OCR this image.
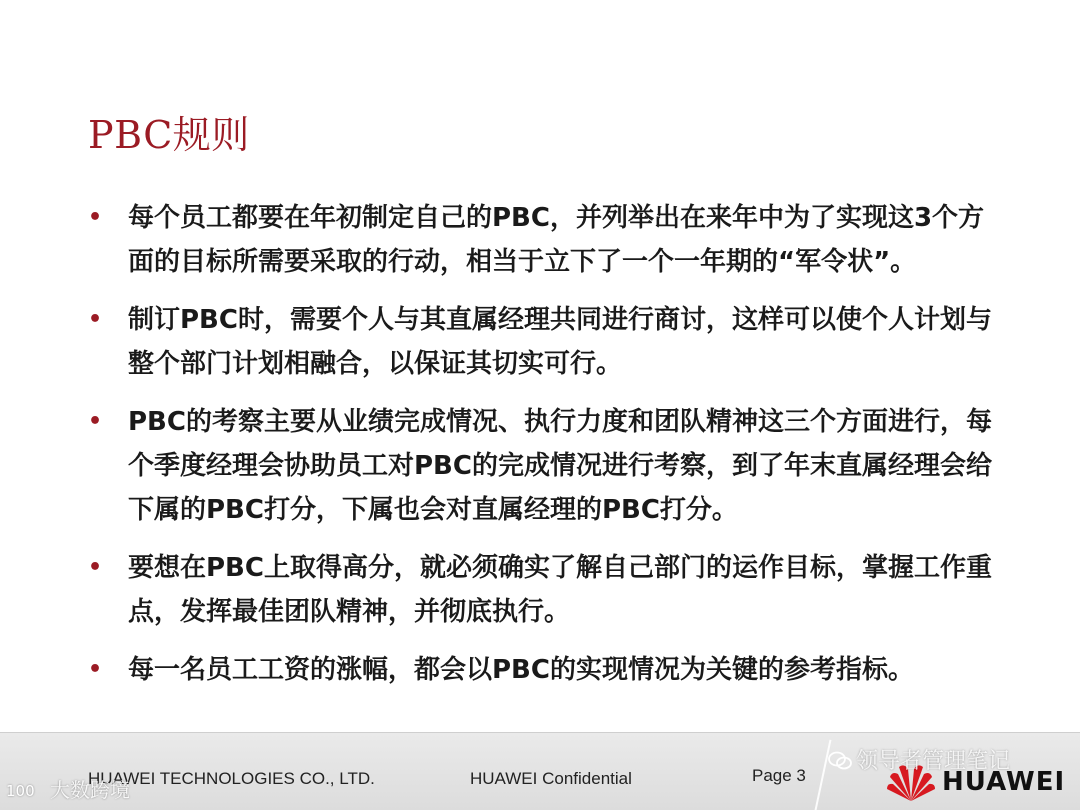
PBC规则
• 每个员工都要在年初制定自己的PBC，并列举出在来年中为了实现这3个方面的目标所需要采取的行动，相当于立下了一个一年期的“军令状”。
• 制订PBC时，需要个人与其直属经理共同进行商讨，这样可以使个人计划与整个部门计划相融合，以保证其切实可行。
• PBC的考察主要从业绩完成情况、执行力度和团队精神这三个方面进行，每个季度经理会协助员工对PBC的完成情况进行考察，到了年末直属经理会给下属的PBC打分，下属也会对直属经理的PBC打分。
• 要想在PBC上取得高分，就必须确实了解自己部门的运作目标，掌握工作重点，发挥最佳团队精神，并彻底执行。
• 每一名员工工资的涨幅，都会以PBC的实现情况为关键的参考指标。
HUAWEI TECHNOLOGIES CO., LTD.	HUAWEI Confidential	Page 3	HUAWEI
领导者管理笔记
100 大数跨境
